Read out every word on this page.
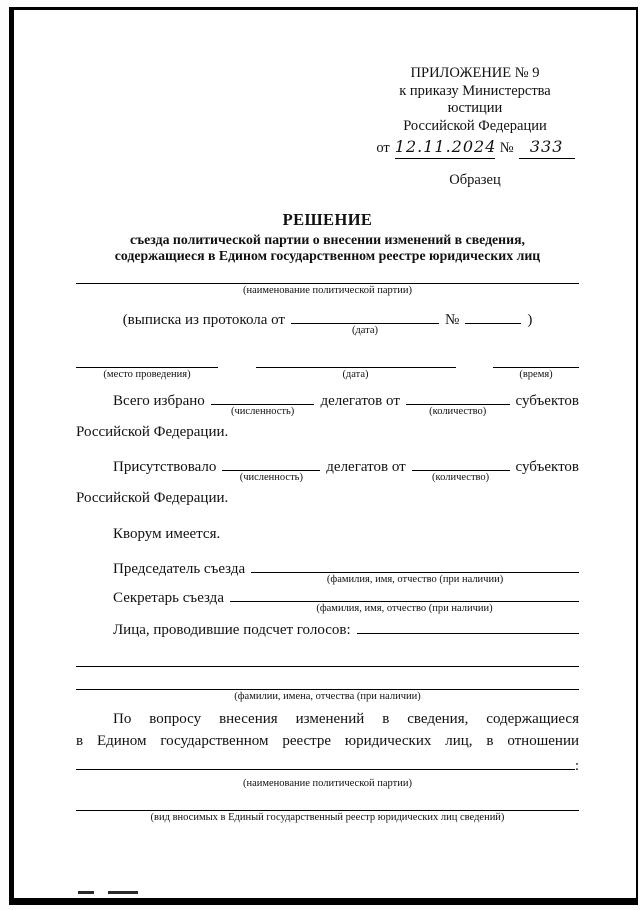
ПРИЛОЖЕНИЕ № 9
к приказу Министерства юстиции
Российской Федерации
от 12.11.2024 №	333
Образец
РЕШЕНИЕ
съезда политической партии о внесении изменений в сведения,
содержащиеся в Едином государственном реестре юридических лиц
(наименование политической партии)
(выписка из протокола от
(дата)
№	)
(место проведения)	(дата)	(время)
Всего избрано
(численность)
делегатов от
(количество)
субъектов
Российской Федерации.
Присутствовало
(численность)
делегатов от
(количество)
субъектов
Российской Федерации.
Кворум имеется.
Председатель съезда
(фамилия, имя, отчество (при наличии)
Секретарь съезда
(фамилия, имя, отчество (при наличии)
Лица, проводившие подсчет голосов:
(фамилии, имена, отчества (при наличии)
По вопросу внесения изменений в сведения, содержащиеся
в Едином государственном реестре юридических лиц, в отношении
:
(наименование политической партии)
(вид вносимых в Единый государственный реестр юридических лиц сведений)
